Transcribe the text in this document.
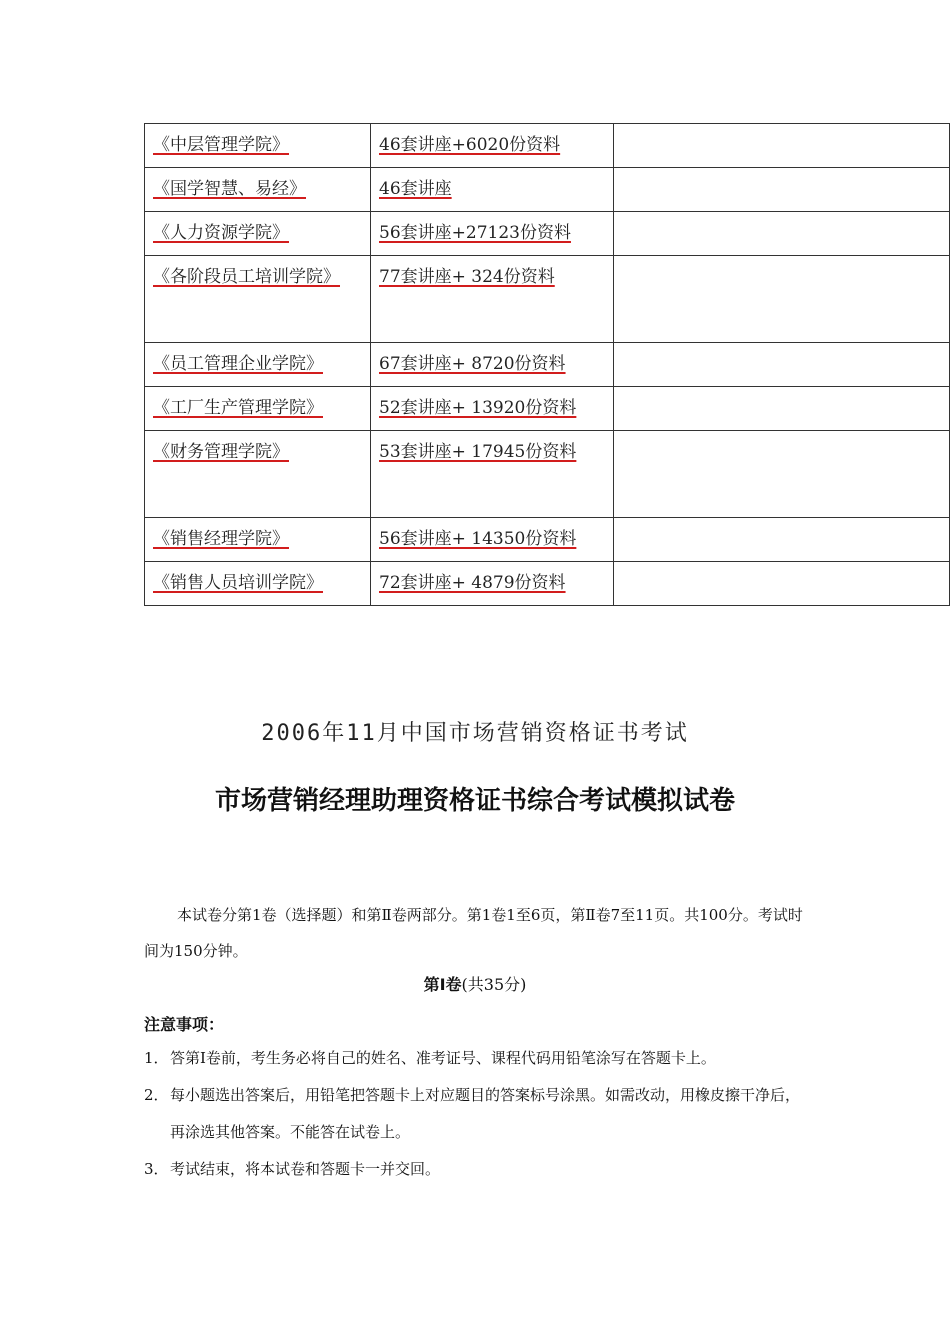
《中层管理学院》	46套讲座+6020份资料	
《国学智慧、易经》	46套讲座	
《人力资源学院》	56套讲座+27123份资料	
《各阶段员工培训学院》	77套讲座+ 324份资料	
《员工管理企业学院》	67套讲座+ 8720份资料	
《工厂生产管理学院》	52套讲座+ 13920份资料	
《财务管理学院》	53套讲座+ 17945份资料	
《销售经理学院》	56套讲座+ 14350份资料	
《销售人员培训学院》	72套讲座+ 4879份资料	
2006年11月中国市场营销资格证书考试
市场营销经理助理资格证书综合考试模拟试卷
本试卷分第1卷（选择题）和第Ⅱ卷两部分。第1卷1至6页，第Ⅱ卷7至11页。共100分。考试时间为150分钟。
第Ⅰ卷(共35分)
注意事项：
1． 答第Ⅰ卷前，考生务必将自己的姓名、准考证号、课程代码用铅笔涂写在答题卡上。
2． 每小题选出答案后，用铅笔把答题卡上对应题目的答案标号涂黑。如需改动，用橡皮擦干净后，再涂选其他答案。不能答在试卷上。
3． 考试结束，将本试卷和答题卡一并交回。
